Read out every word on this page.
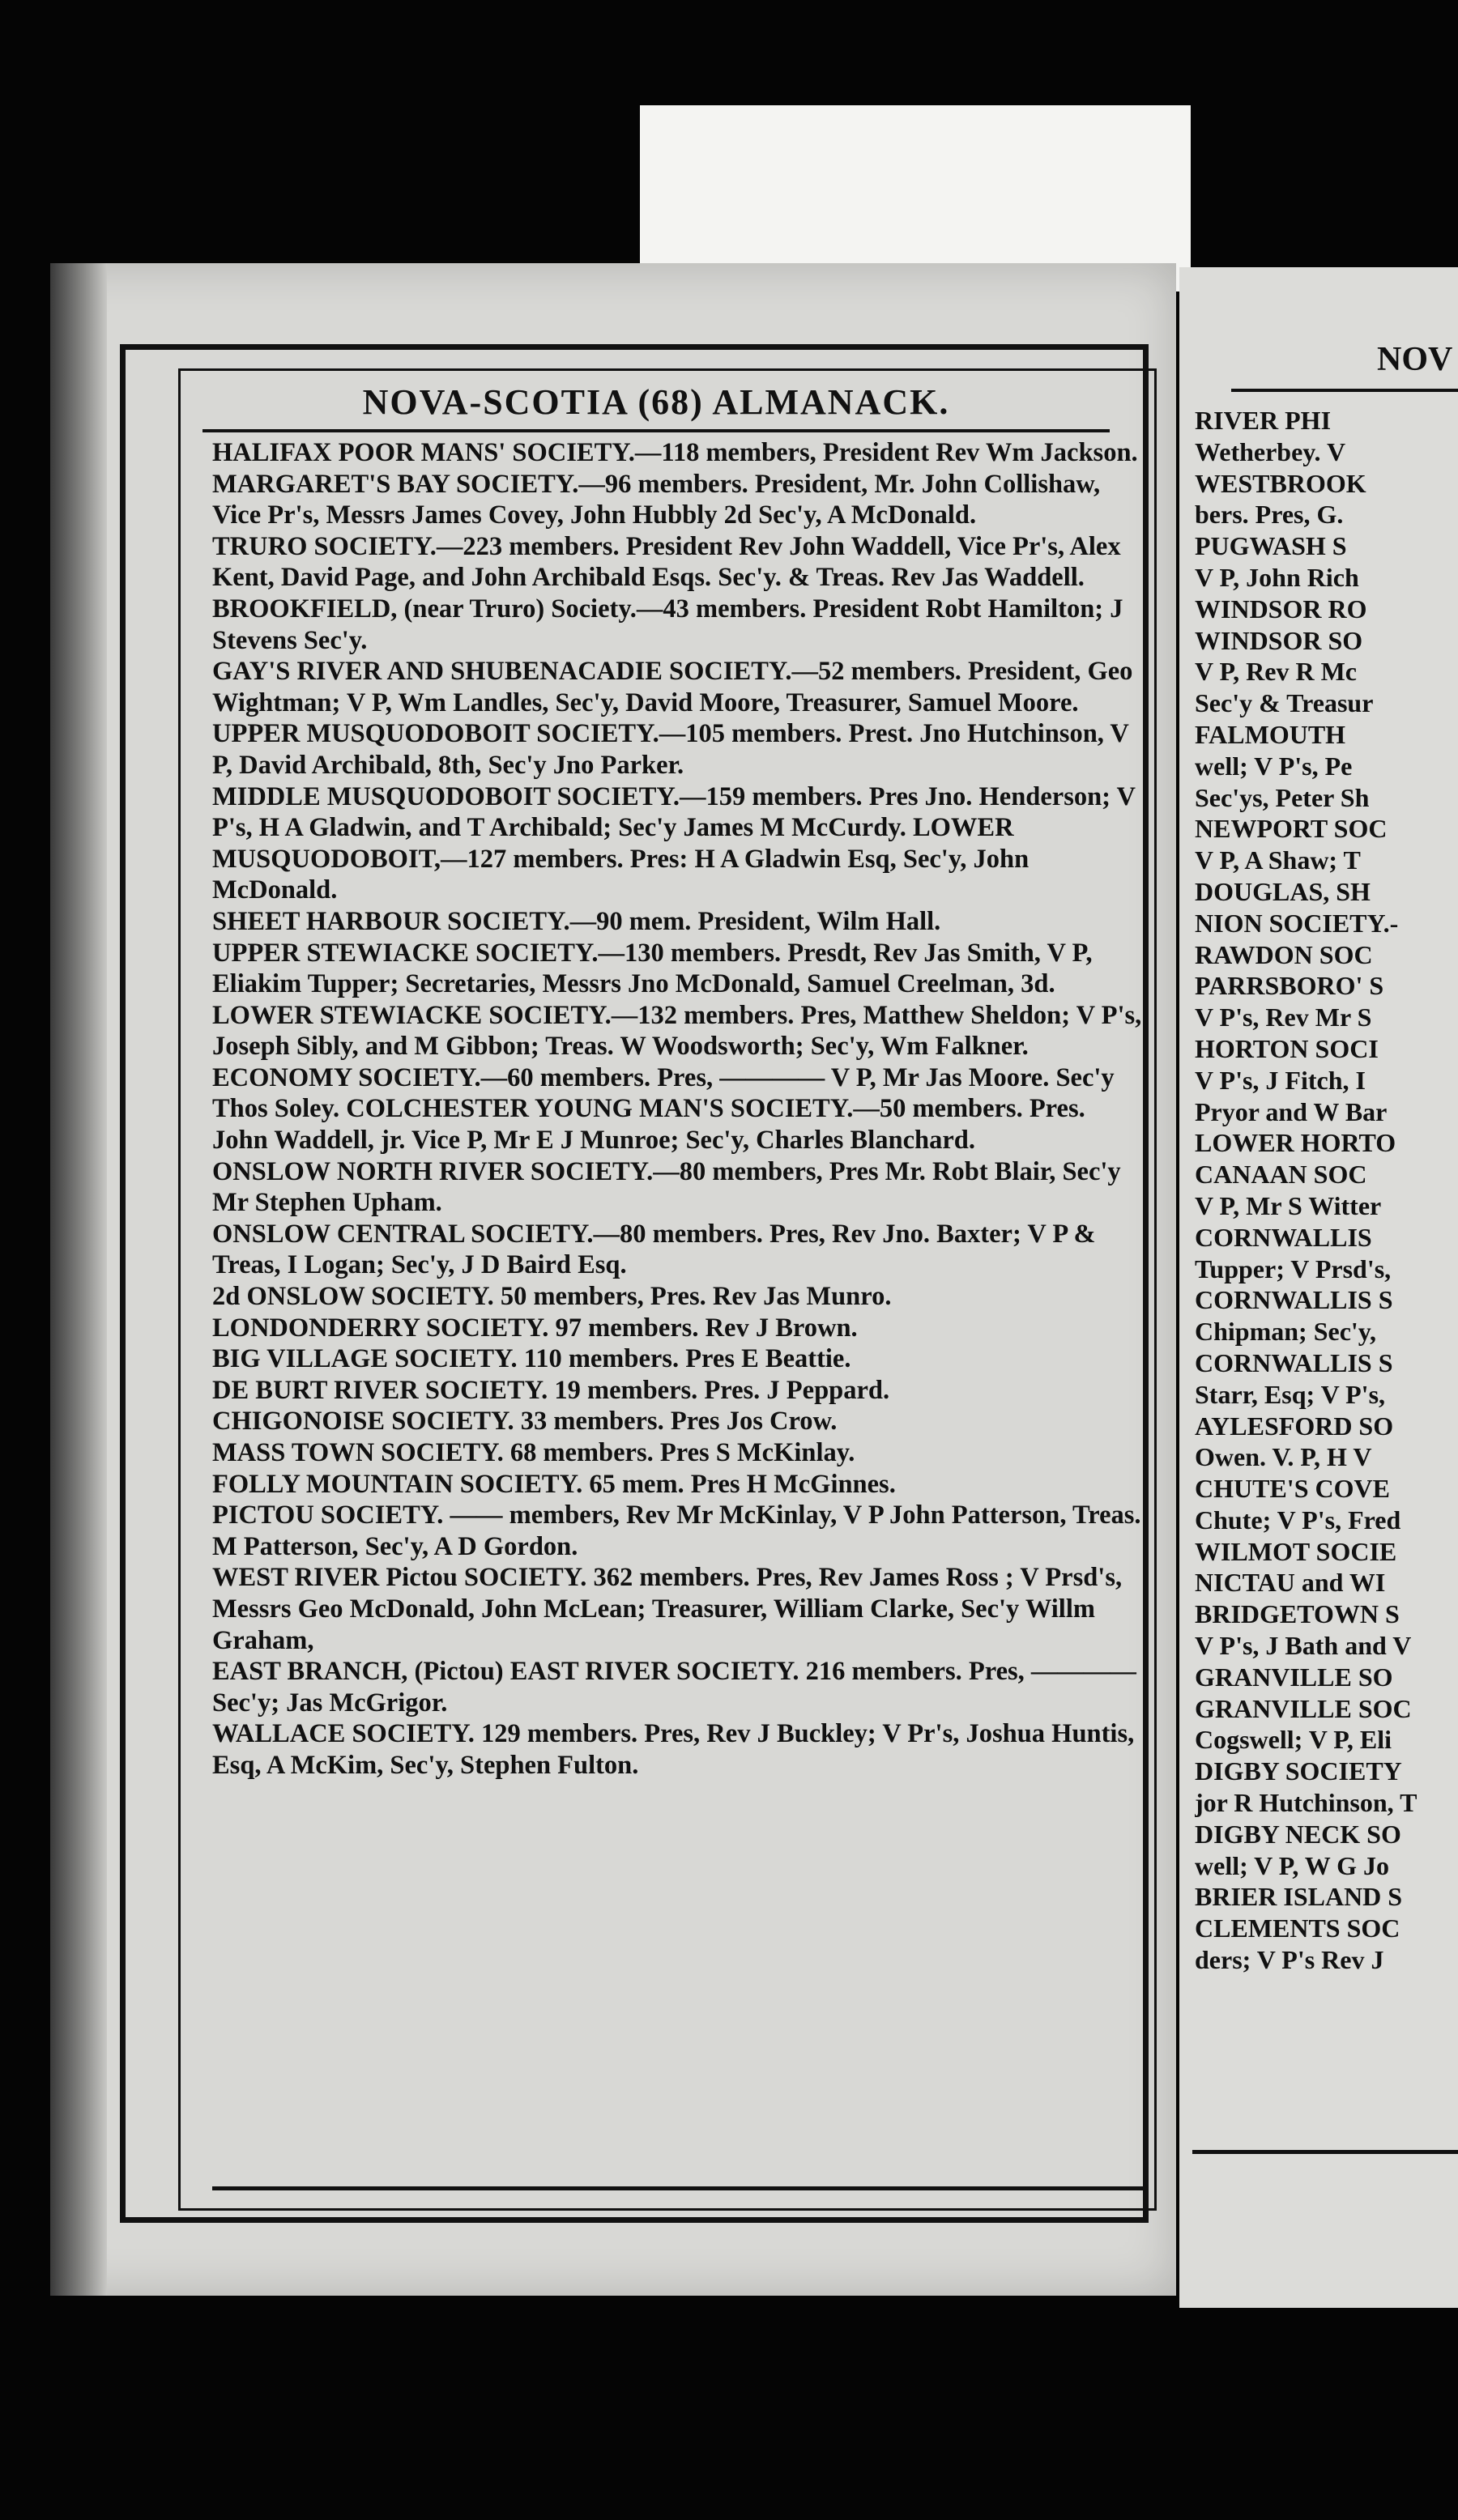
NOVA-SCOTIA (68) ALMANACK.

HALIFAX POOR MANS' SOCIETY.—118 members, President Rev Wm Jackson.

MARGARET'S BAY SOCIETY.—96 members. President, Mr. John Collishaw, Vice Pr's, Messrs James Covey, John Hubbly 2d Sec'y, A McDonald.

TRURO SOCIETY.—223 members. President Rev John Waddell, Vice Pr's, Alex Kent, David Page, and John Archibald Esqs. Sec'y. & Treas. Rev Jas Waddell.

BROOKFIELD, (near Truro) Society.—43 members. President Robt Hamilton; J Stevens Sec'y.

GAY'S RIVER AND SHUBENACADIE SOCIETY.—52 members. President, Geo Wightman; V P, Wm Landles, Sec'y, David Moore, Treasurer, Samuel Moore.

UPPER MUSQUODOBOIT SOCIETY.—105 members. Prest. Jno Hutchinson, V P, David Archibald, 8th, Sec'y Jno Parker.

MIDDLE MUSQUODOBOIT SOCIETY.—159 members. Pres Jno. Henderson; V P's, H A Gladwin, and T Archibald; Sec'y James M McCurdy. LOWER MUSQUODOBOIT,—127 members. Pres: H A Gladwin Esq, Sec'y, John McDonald.

SHEET HARBOUR SOCIETY.—90 mem. President, Wilm Hall.

UPPER STEWIACKE SOCIETY.—130 members. Presdt, Rev Jas Smith, V P, Eliakim Tupper; Secretaries, Messrs Jno McDonald, Samuel Creelman, 3d.

LOWER STEWIACKE SOCIETY.—132 members. Pres, Matthew Sheldon; V P's, Joseph Sibly, and M Gibbon; Treas. W Woodsworth; Sec'y, Wm Falkner.

ECONOMY SOCIETY.—60 members. Pres, ———— V P, Mr Jas Moore. Sec'y Thos Soley. COLCHESTER YOUNG MAN'S SOCIETY.—50 members. Pres. John Waddell, jr. Vice P, Mr E J Munroe; Sec'y, Charles Blanchard.

ONSLOW NORTH RIVER SOCIETY.—80 members, Pres Mr. Robt Blair, Sec'y Mr Stephen Upham.

ONSLOW CENTRAL SOCIETY.—80 members. Pres, Rev Jno. Baxter; V P & Treas, I Logan; Sec'y, J D Baird Esq.

2d ONSLOW SOCIETY. 50 members, Pres. Rev Jas Munro.

LONDONDERRY SOCIETY. 97 members. Rev J Brown.

BIG VILLAGE SOCIETY. 110 members. Pres E Beattie.

DE BURT RIVER SOCIETY. 19 members. Pres. J Peppard.

CHIGONOISE SOCIETY. 33 members. Pres Jos Crow.

MASS TOWN SOCIETY. 68 members. Pres S McKinlay.

FOLLY MOUNTAIN SOCIETY. 65 mem. Pres H McGinnes.

PICTOU SOCIETY. —— members, Rev Mr McKinlay, V P John Patterson, Treas. M Patterson, Sec'y, A D Gordon.

WEST RIVER Pictou SOCIETY. 362 members. Pres, Rev James Ross ; V Prsd's, Messrs Geo McDonald, John McLean; Treasurer, William Clarke, Sec'y Willm Graham,

EAST BRANCH, (Pictou) EAST RIVER SOCIETY. 216 members. Pres, ———— Sec'y; Jas McGrigor.

WALLACE SOCIETY. 129 members. Pres, Rev J Buckley; V Pr's, Joshua Huntis, Esq, A McKim, Sec'y, Stephen Fulton.

NOV
RIVER PHI
Wetherbey. V
WESTBROOK
bers. Pres, G.
PUGWASH S
V P, John Rich
WINDSOR RO
WINDSOR SO
V P, Rev R Mc
Sec'y & Treasur
FALMOUTH
well; V P's, Pe
Sec'ys, Peter Sh
NEWPORT SOC
V P, A Shaw; T
DOUGLAS, SH
NION SOCIETY.-
RAWDON SOC
PARRSBORO' S
V P's, Rev Mr S
HORTON SOCI
V P's, J Fitch, I
Pryor and W Bar
LOWER HORTO
CANAAN SOC
V P, Mr S Witter
CORNWALLIS
Tupper; V Prsd's,
CORNWALLIS S
Chipman; Sec'y,
CORNWALLIS S
Starr, Esq; V P's,
AYLESFORD SO
Owen. V. P, H V
CHUTE'S COVE
Chute; V P's, Fred
WILMOT SOCIE
NICTAU and WI
BRIDGETOWN S
V P's, J Bath and V
GRANVILLE SO
GRANVILLE SOC
Cogswell; V P, Eli
DIGBY SOCIETY
jor R Hutchinson, T
DIGBY NECK SO
well; V P, W G Jo
BRIER ISLAND S
CLEMENTS SOC
ders; V P's Rev J
